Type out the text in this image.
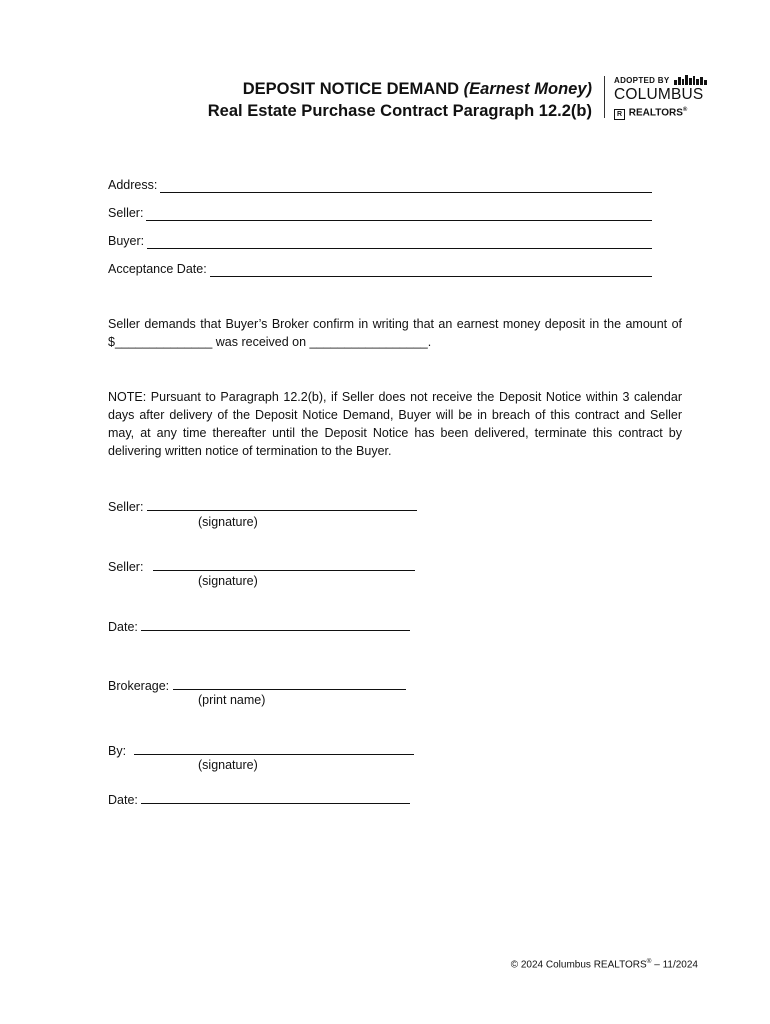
DEPOSIT NOTICE DEMAND (Earnest Money)
Real Estate Purchase Contract Paragraph 12.2(b)
ADOPTED BY
COLUMBUS
R REALTORS®
Address:
Seller:
Buyer:
Acceptance Date:

Seller demands that Buyer’s Broker confirm in writing that an earnest money deposit in the amount of $______________ was received on _________________.

NOTE: Pursuant to Paragraph 12.2(b), if Seller does not receive the Deposit Notice within 3 calendar days after delivery of the Deposit Notice Demand, Buyer will be in breach of this contract and Seller may, at any time thereafter until the Deposit Notice has been delivered, terminate this contract by delivering written notice of termination to the Buyer.

Seller:
(signature)
Seller:
(signature)
Date:
Brokerage:
(print name)
By:
(signature)
Date:
© 2024 Columbus REALTORS® – 11/2024
